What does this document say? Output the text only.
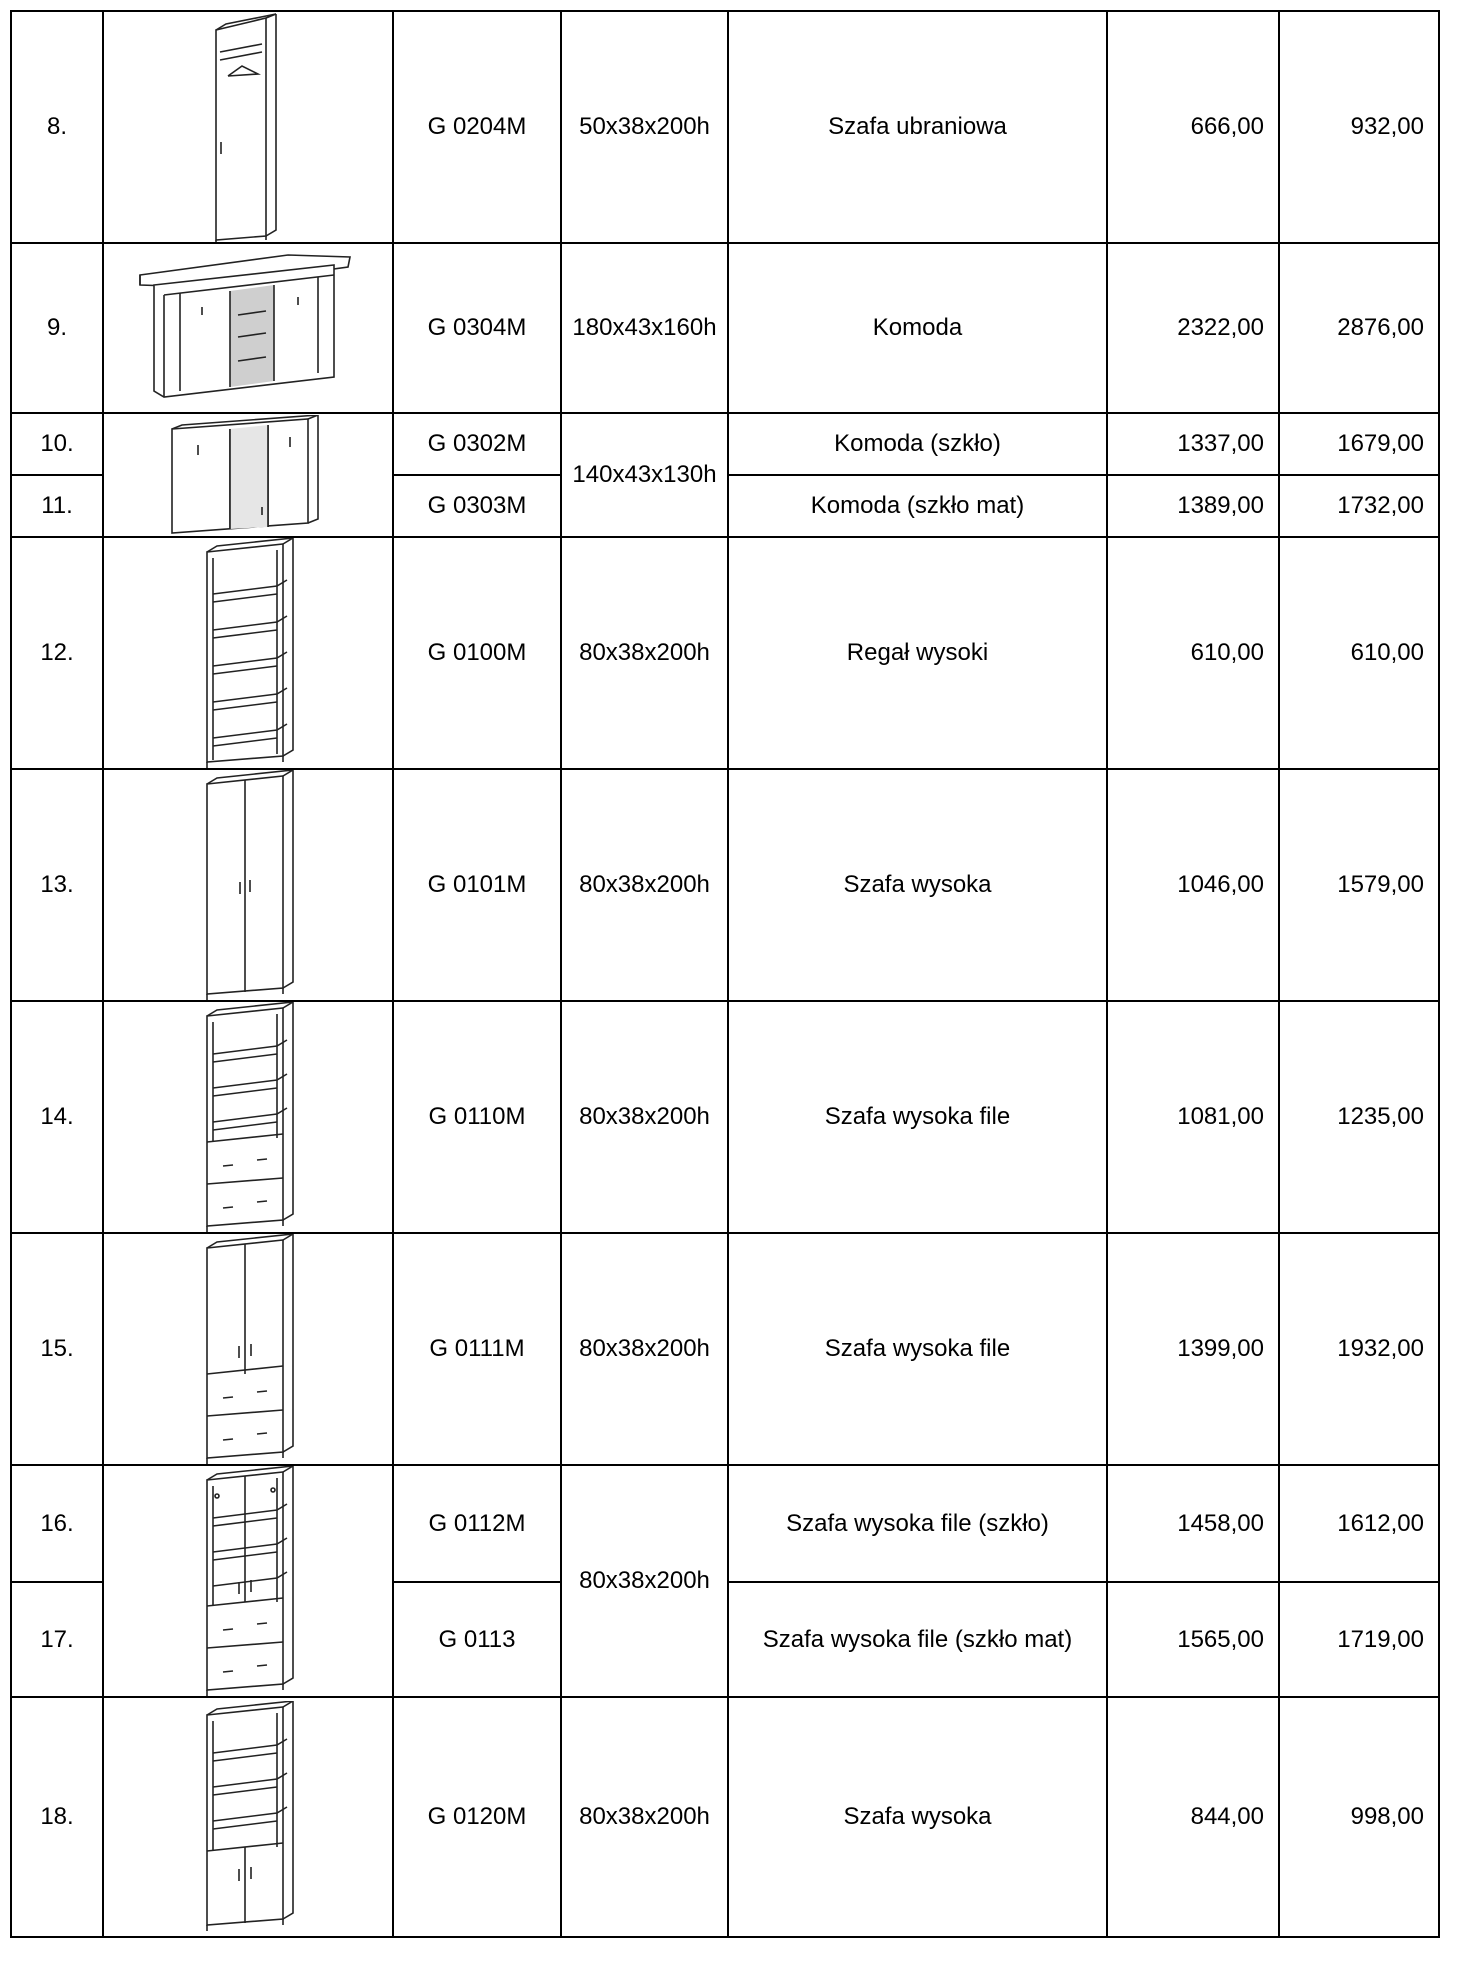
8.		G 0204M	50x38x200h	Szafa ubraniowa	666,00	932,00
9.		G 0304M	180x43x160h	Komoda	2322,00	2876,00
10.		G 0302M	140x43x130h	Komoda (szkło)	1337,00	1679,00
11.		G 0303M		Komoda (szkło mat)	1389,00	1732,00
12.		G 0100M	80x38x200h	Regał wysoki	610,00	610,00
13.		G 0101M	80x38x200h	Szafa wysoka	1046,00	1579,00
14.		G 0110M	80x38x200h	Szafa wysoka file	1081,00	1235,00
15.		G 0111M	80x38x200h	Szafa wysoka file	1399,00	1932,00
16.		G 0112M	80x38x200h	Szafa wysoka file (szkło)	1458,00	1612,00
17.		G 0113		Szafa wysoka file (szkło mat)	1565,00	1719,00
18.		G 0120M	80x38x200h	Szafa wysoka	844,00	998,00
